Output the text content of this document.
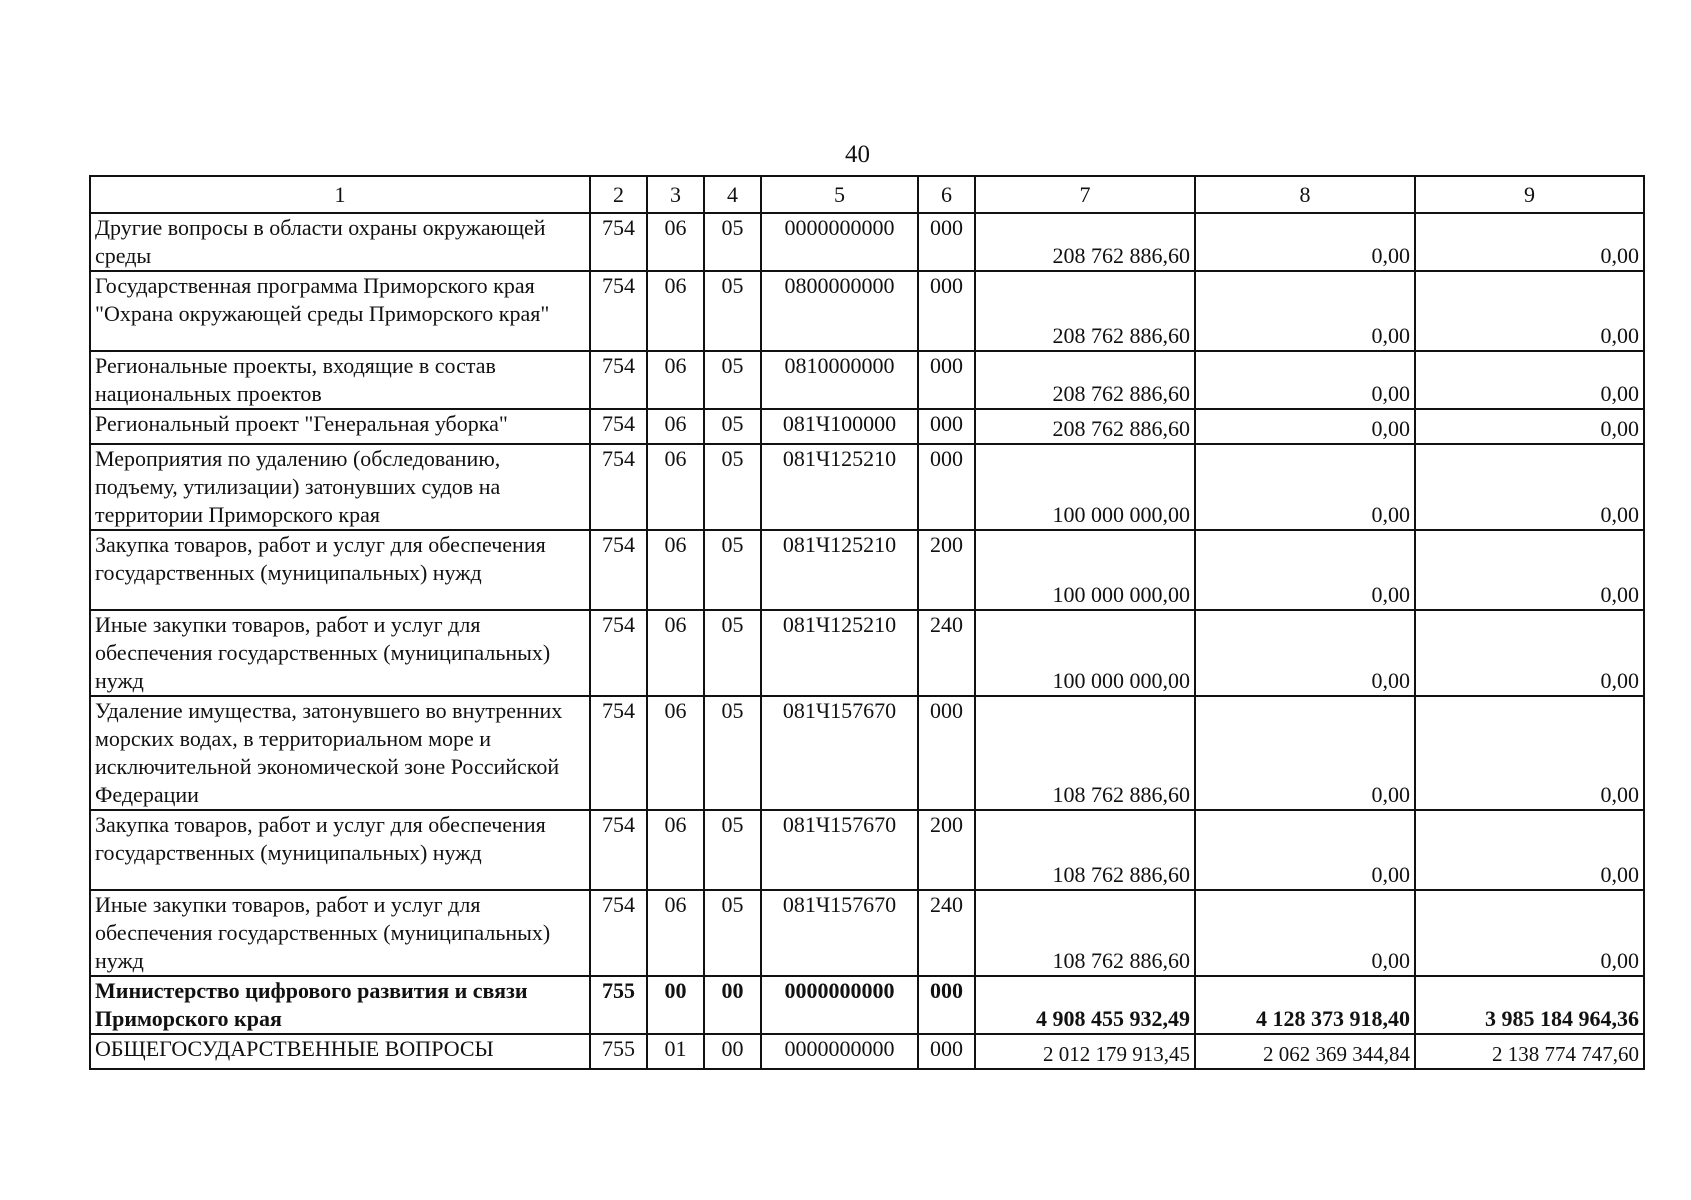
40
1	2	3	4	5	6	7	8	9
Другие вопросы в области охраны окружающей среды	754	06	05	0000000000	000	208 762 886,60	0,00	0,00
Государственная программа Приморского края "Охрана окружающей среды Приморского края"	754	06	05	0800000000	000	208 762 886,60	0,00	0,00
Региональные проекты, входящие в состав национальных проектов	754	06	05	0810000000	000	208 762 886,60	0,00	0,00
Региональный проект "Генеральная уборка"	754	06	05	081Ч100000	000	208 762 886,60	0,00	0,00
Мероприятия по удалению (обследованию, подъему, утилизации) затонувших судов на территории Приморского края	754	06	05	081Ч125210	000	100 000 000,00	0,00	0,00
Закупка товаров, работ и услуг для обеспечения государственных (муниципальных) нужд	754	06	05	081Ч125210	200	100 000 000,00	0,00	0,00
Иные закупки товаров, работ и услуг для обеспечения государственных (муниципальных) нужд	754	06	05	081Ч125210	240	100 000 000,00	0,00	0,00
Удаление имущества, затонувшего во внутренних морских водах, в территориальном море и исключительной экономической зоне Российской Федерации	754	06	05	081Ч157670	000	108 762 886,60	0,00	0,00
Закупка товаров, работ и услуг для обеспечения государственных (муниципальных) нужд	754	06	05	081Ч157670	200	108 762 886,60	0,00	0,00
Иные закупки товаров, работ и услуг для обеспечения государственных (муниципальных) нужд	754	06	05	081Ч157670	240	108 762 886,60	0,00	0,00
Министерство цифрового развития и связи Приморского края	755	00	00	0000000000	000	4 908 455 932,49	4 128 373 918,40	3 985 184 964,36
ОБЩЕГОСУДАРСТВЕННЫЕ ВОПРОСЫ	755	01	00	0000000000	000	2 012 179 913,45	2 062 369 344,84	2 138 774 747,60
